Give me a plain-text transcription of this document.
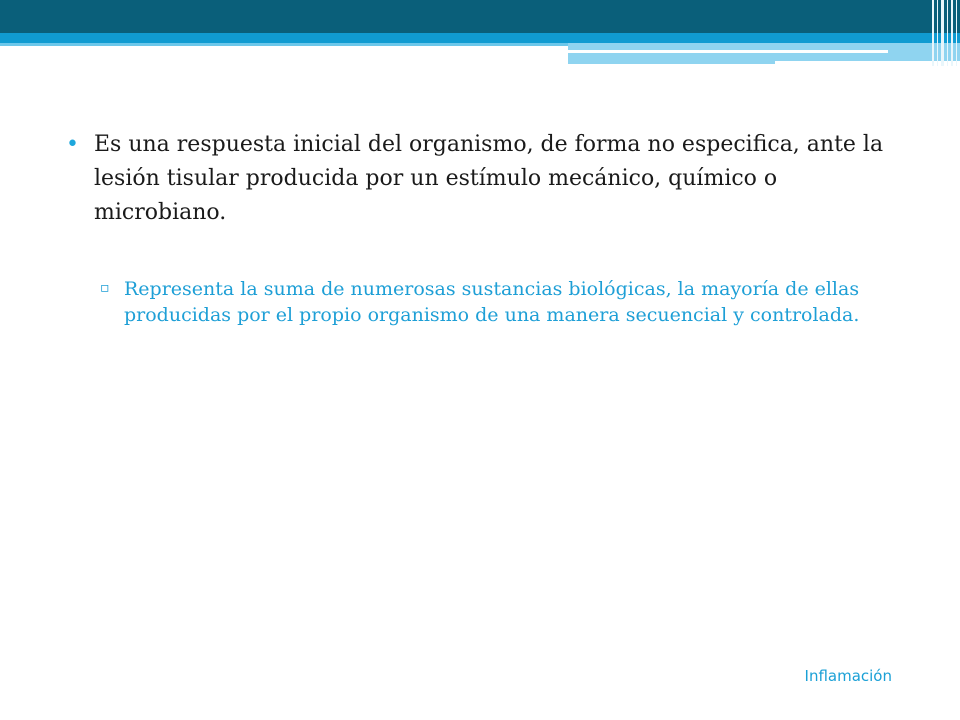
• Es una respuesta inicial del organismo, de forma no especifica, ante la lesión tisular producida por un estímulo mecánico, químico o microbiano.

▫ Representa la suma de numerosas sustancias biológicas, la mayoría de ellas producidas por el propio organismo de una manera secuencial y controlada.

Inflamación
